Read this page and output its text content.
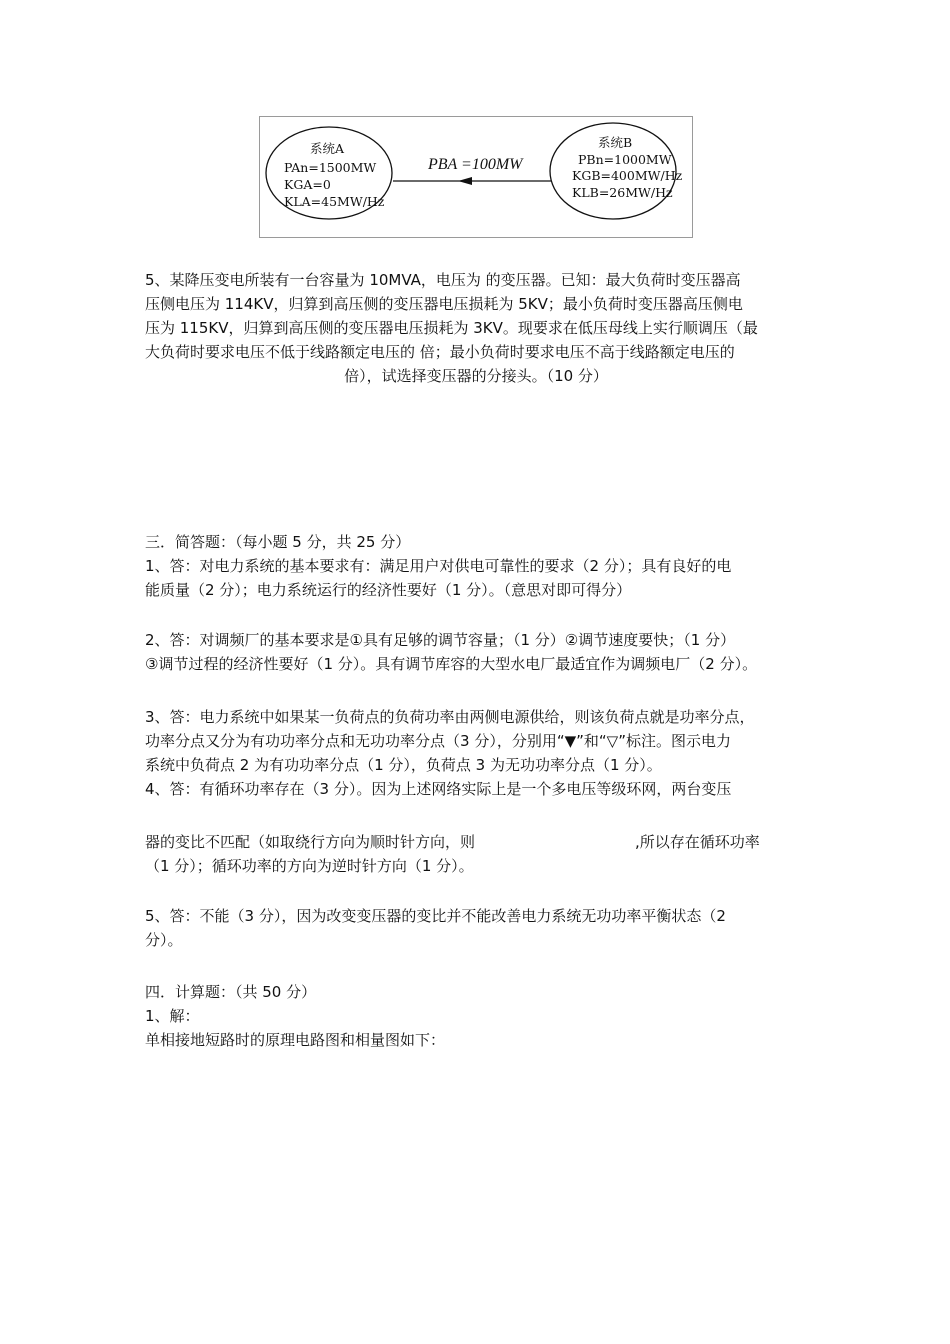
系统A
PAn=1500MW
KGA=0
KLA=45MW/Hz
系统B
PBn=1000MW
KGB=400MW/Hz
KLB=26MW/Hz
PBA =100MW
5、某降压变电所装有一台容量为 10MVA，电压为 的变压器。已知：最大负荷时变压器高
压侧电压为 114KV，归算到高压侧的变压器电压损耗为 5KV；最小负荷时变压器高压侧电
压为 115KV，归算到高压侧的变压器电压损耗为 3KV。现要求在低压母线上实行顺调压（最
大负荷时要求电压不低于线路额定电压的 倍；最小负荷时要求电压不高于线路额定电压的
倍），试选择变压器的分接头。（10 分）
三．简答题：（每小题 5 分，共 25 分）
1、答：对电力系统的基本要求有：满足用户对供电可靠性的要求（2 分）；具有良好的电
能质量（2 分）；电力系统运行的经济性要好（1 分）。（意思对即可得分）
2、答：对调频厂的基本要求是①具有足够的调节容量；（1 分）②调节速度要快；（1 分）
③调节过程的经济性要好（1 分）。具有调节库容的大型水电厂最适宜作为调频电厂（2 分）。
3、答：电力系统中如果某一负荷点的负荷功率由两侧电源供给，则该负荷点就是功率分点，
功率分点又分为有功功率分点和无功功率分点（3 分），分别用“▼”和“▽”标注。图示电力
系统中负荷点 2 为有功功率分点（1 分），负荷点 3 为无功功率分点（1 分）。
4、答：有循环功率存在（3 分）。因为上述网络实际上是一个多电压等级环网，两台变压
器的变比不匹配（如取绕行方向为顺时针方向，则	,所以存在循环功率
（1 分）；循环功率的方向为逆时针方向（1 分）。
5、答：不能（3 分），因为改变变压器的变比并不能改善电力系统无功功率平衡状态（2
分）。
四．计算题：（共 50 分）
1、解：
单相接地短路时的原理电路图和相量图如下：
